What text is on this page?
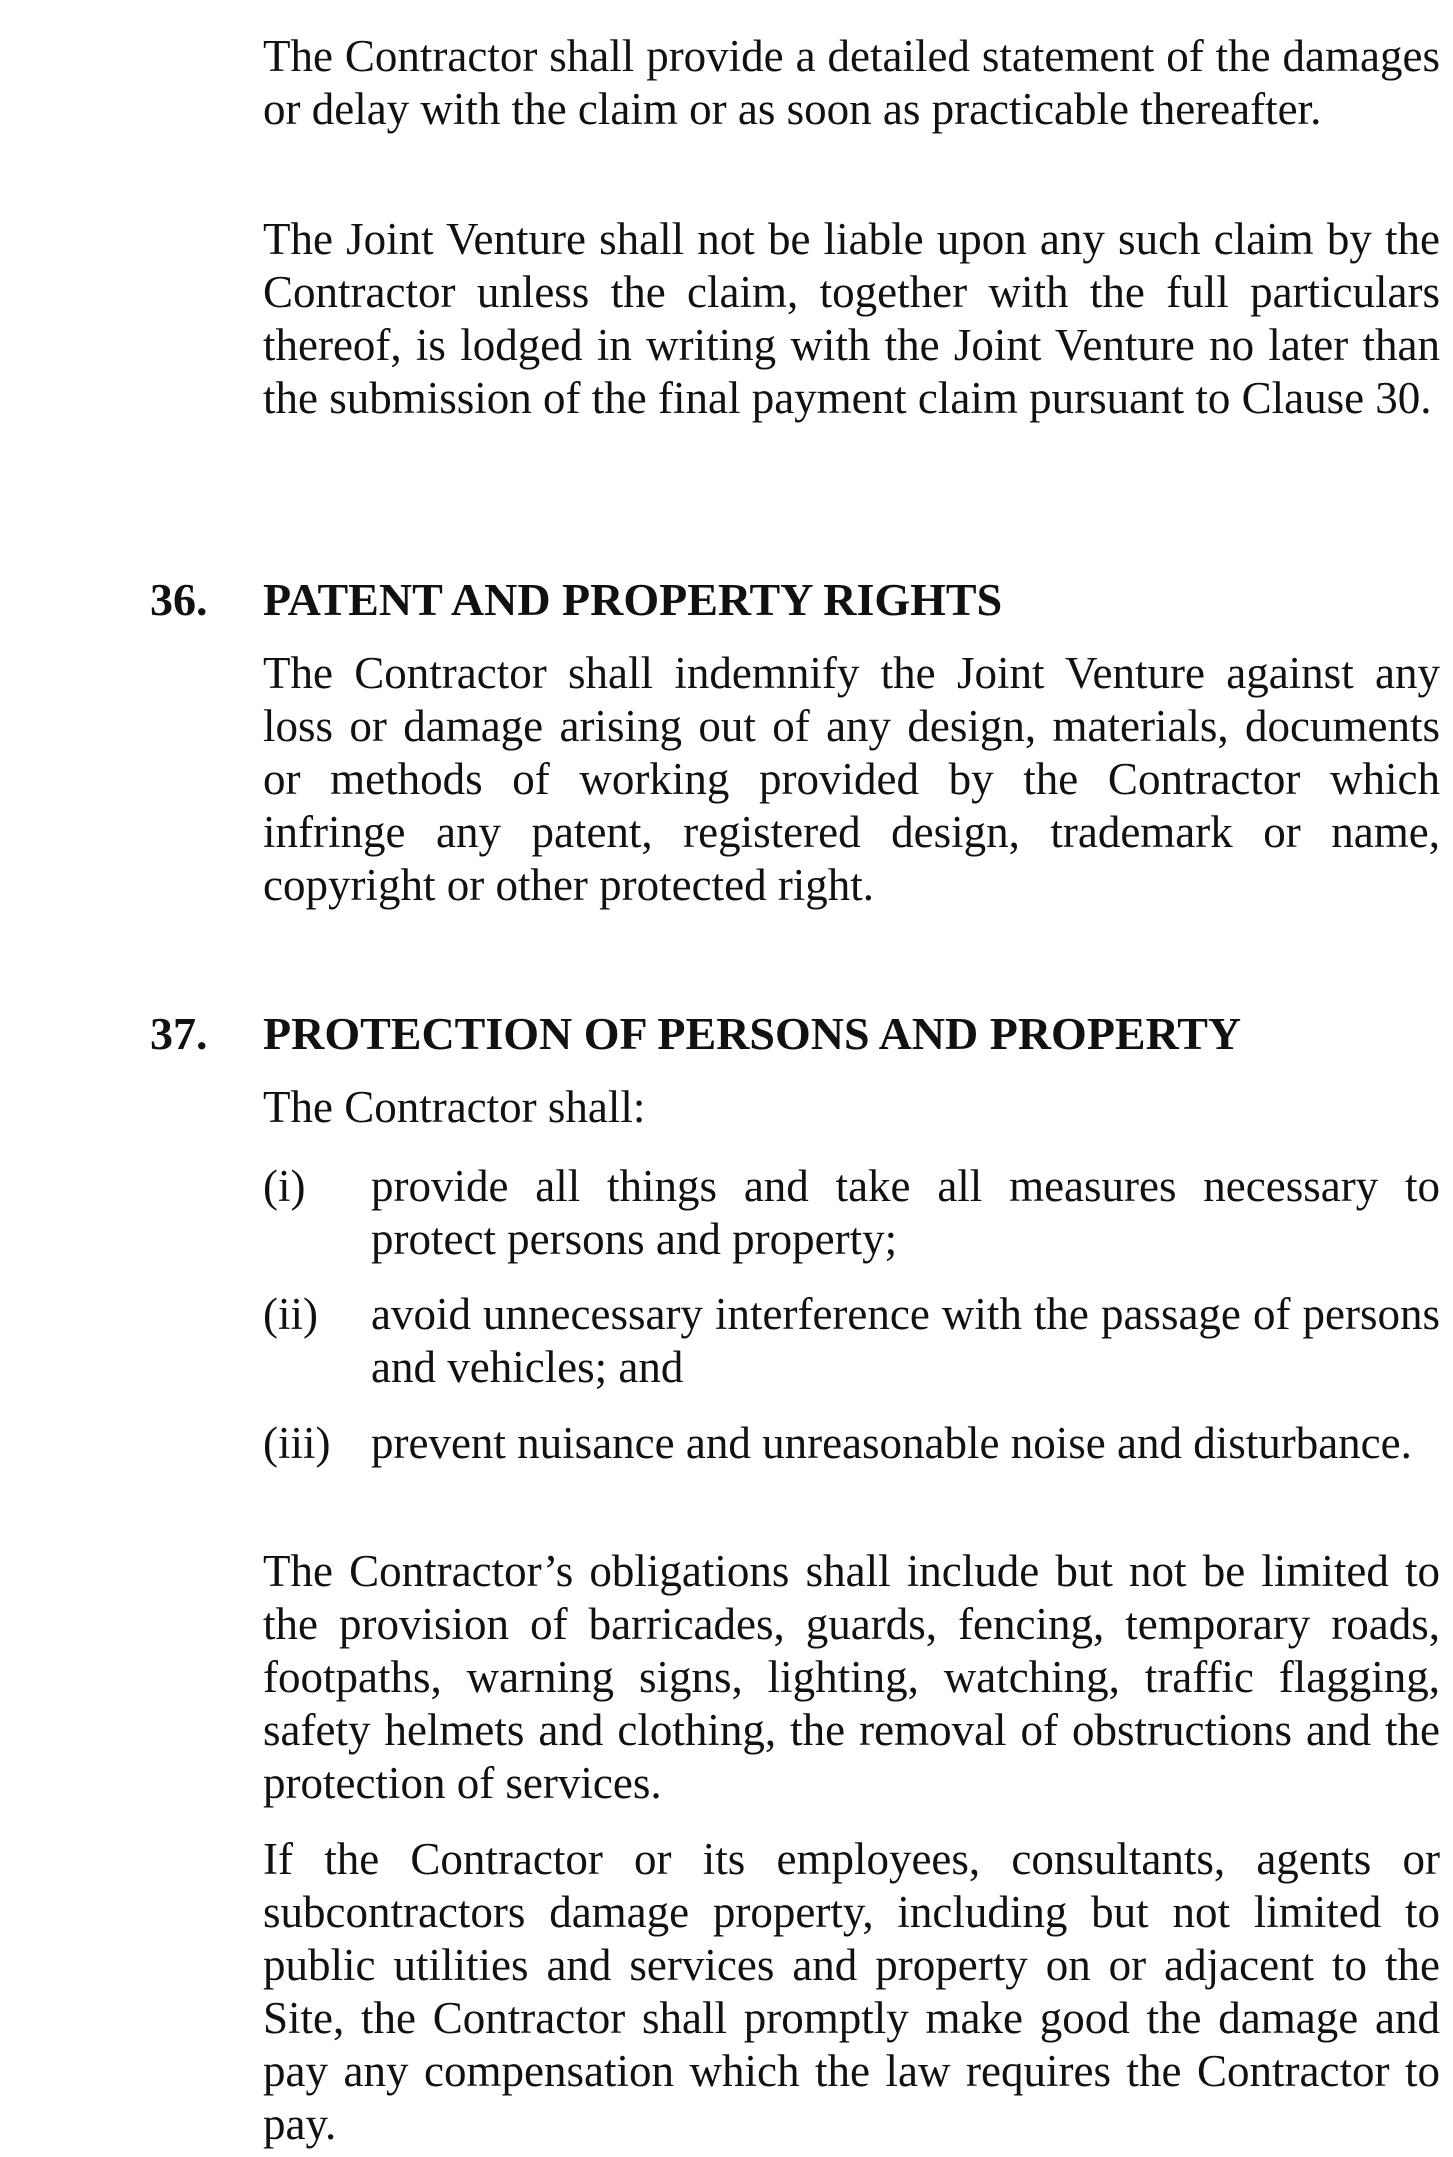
The Contractor shall provide a detailed statement of the damages or delay with the claim or as soon as practicable thereafter.

The Joint Venture shall not be liable upon any such claim by the Contractor unless the claim, together with the full particulars thereof, is lodged in writing with the Joint Venture no later than the submission of the final payment claim pursuant to Clause 30.

36. PATENT AND PROPERTY RIGHTS

The Contractor shall indemnify the Joint Venture against any loss or damage arising out of any design, materials, documents or methods of working provided by the Contractor which infringe any patent, registered design, trademark or name, copyright or other protected right.

37. PROTECTION OF PERSONS AND PROPERTY

The Contractor shall:

(i)	provide all things and take all measures necessary to protect persons and property;
(ii)	avoid unnecessary interference with the passage of persons and vehicles; and
(iii) prevent nuisance and unreasonable noise and disturbance.

The Contractor’s obligations shall include but not be limited to the provision of barricades, guards, fencing, temporary roads, footpaths, warning signs, lighting, watching, traffic flagging, safety helmets and clothing, the removal of obstructions and the protection of services.

If the Contractor or its employees, consultants, agents or subcontractors damage property, including but not limited to public utilities and services and property on or adjacent to the Site, the Contractor shall promptly make good the damage and pay any compensation which the law requires the Contractor to pay.
